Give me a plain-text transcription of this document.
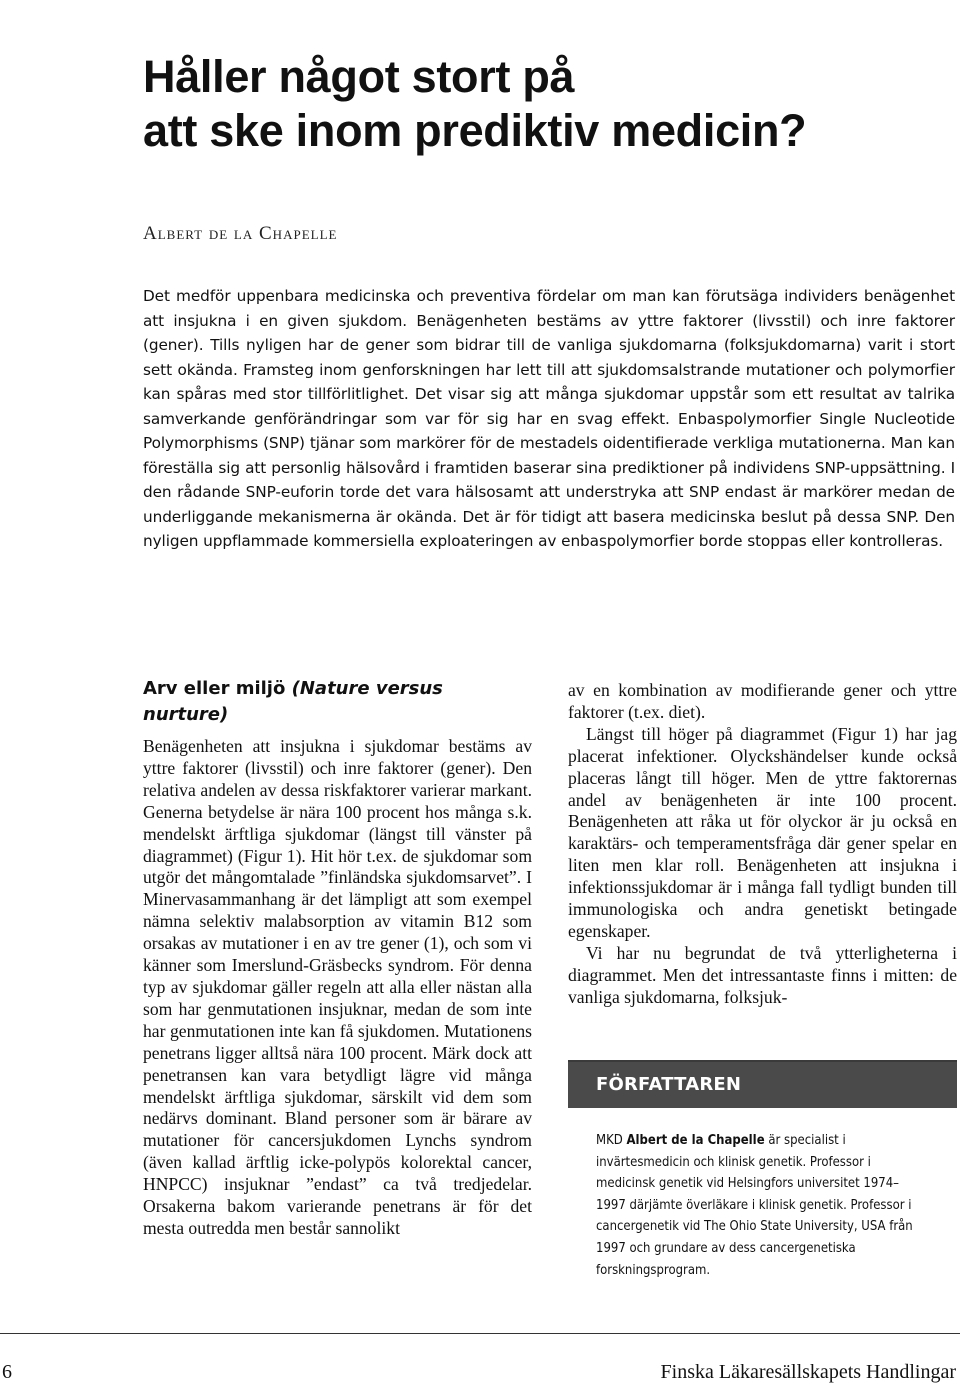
Håller något stort på
att ske inom prediktiv medicin?
Albert de la Chapelle

Det medför uppenbara medicinska och preventiva fördelar om man kan förutsäga individers benägenhet att insjukna i en given sjukdom. Benägenheten bestäms av yttre faktorer (livsstil) och inre faktorer (gener). Tills nyligen har de gener som bidrar till de vanliga sjukdomarna (folksjukdomarna) varit i stort sett okända. Framsteg inom genforskningen har lett till att sjukdomsalstrande mutationer och polymorfier kan spåras med stor tillförlitlighet. Det visar sig att många sjukdomar uppstår som ett resultat av talrika samverkande genförändringar som var för sig har en svag effekt. Enbaspolymorfier Single Nucleotide Polymorphisms (SNP) tjänar som markörer för de mestadels oidentifierade verkliga mutationerna. Man kan föreställa sig att personlig hälsovård i framtiden baserar sina prediktioner på individens SNP-uppsättning. I den rådande SNP-euforin torde det vara hälsosamt att understryka att SNP endast är markörer medan de underliggande mekanismerna är okända. Det är för tidigt att basera medicinska beslut på dessa SNP. Den nyligen uppflammade kommersiella exploateringen av enbaspolymorfier borde stoppas eller kontrolleras.

Arv eller miljö (Nature versus nurture)

Benägenheten att insjukna i sjukdomar bestäms av yttre faktorer (livsstil) och inre faktorer (gener). Den relativa andelen av dessa riskfaktorer varierar markant. Generna betydelse är nära 100 procent hos många s.k. mendelskt ärftliga sjukdomar (längst till vänster på diagrammet) (Figur 1). Hit hör t.ex. de sjukdomar som utgör det mångomtalade ”finländska sjukdomsarvet”. I Minervasammanhang är det lämpligt att som exempel nämna selektiv malabsorption av vitamin B12 som orsakas av mutationer i en av tre gener (1), och som vi känner som Imerslund-Gräsbecks syndrom. För denna typ av sjukdomar gäller regeln att alla eller nästan alla som har genmutationen insjuknar, medan de som inte har genmutationen inte kan få sjukdomen. Mutationens penetrans ligger alltså nära 100 procent. Märk dock att penetransen kan vara betydligt lägre vid många mendelskt ärftliga sjukdomar, särskilt vid dem som nedärvs dominant. Bland personer som är bärare av mutationer för cancersjukdomen Lynchs syndrom (även kallad ärftlig icke-polypös kolorektal cancer, HNPCC) insjuknar ”endast” ca två tredjedelar. Orsakerna bakom varierande penetrans är för det mesta outredda men består sannolikt

av en kombination av modifierande gener och yttre faktorer (t.ex. diet).

Längst till höger på diagrammet (Figur 1) har jag placerat infektioner. Olyckshändelser kunde också placeras långt till höger. Men de yttre faktorernas andel av benägenheten är inte 100 procent. Benägenheten att råka ut för olyckor är ju också en karaktärs- och temperamentsfråga där gener spelar en liten men klar roll. Benägenheten att insjukna i infektionssjukdomar är i många fall tydligt bunden till immunologiska och andra genetiskt betingade egenskaper.

Vi har nu begrundat de två ytterligheterna i diagrammet. Men det intressantaste finns i mitten: de vanliga sjukdomarna, folksjuk-

FÖRFATTAREN

MKD Albert de la Chapelle är specialist i invärtesmedicin och klinisk genetik. Professor i medicinsk genetik vid Helsingfors universitet 1974–1997 därjämte överläkare i klinisk genetik. Professor i cancergenetik vid The Ohio State University, USA från 1997 och grundare av dess cancergenetiska forskningsprogram.

6	Finska Läkaresällskapets Handlingar
